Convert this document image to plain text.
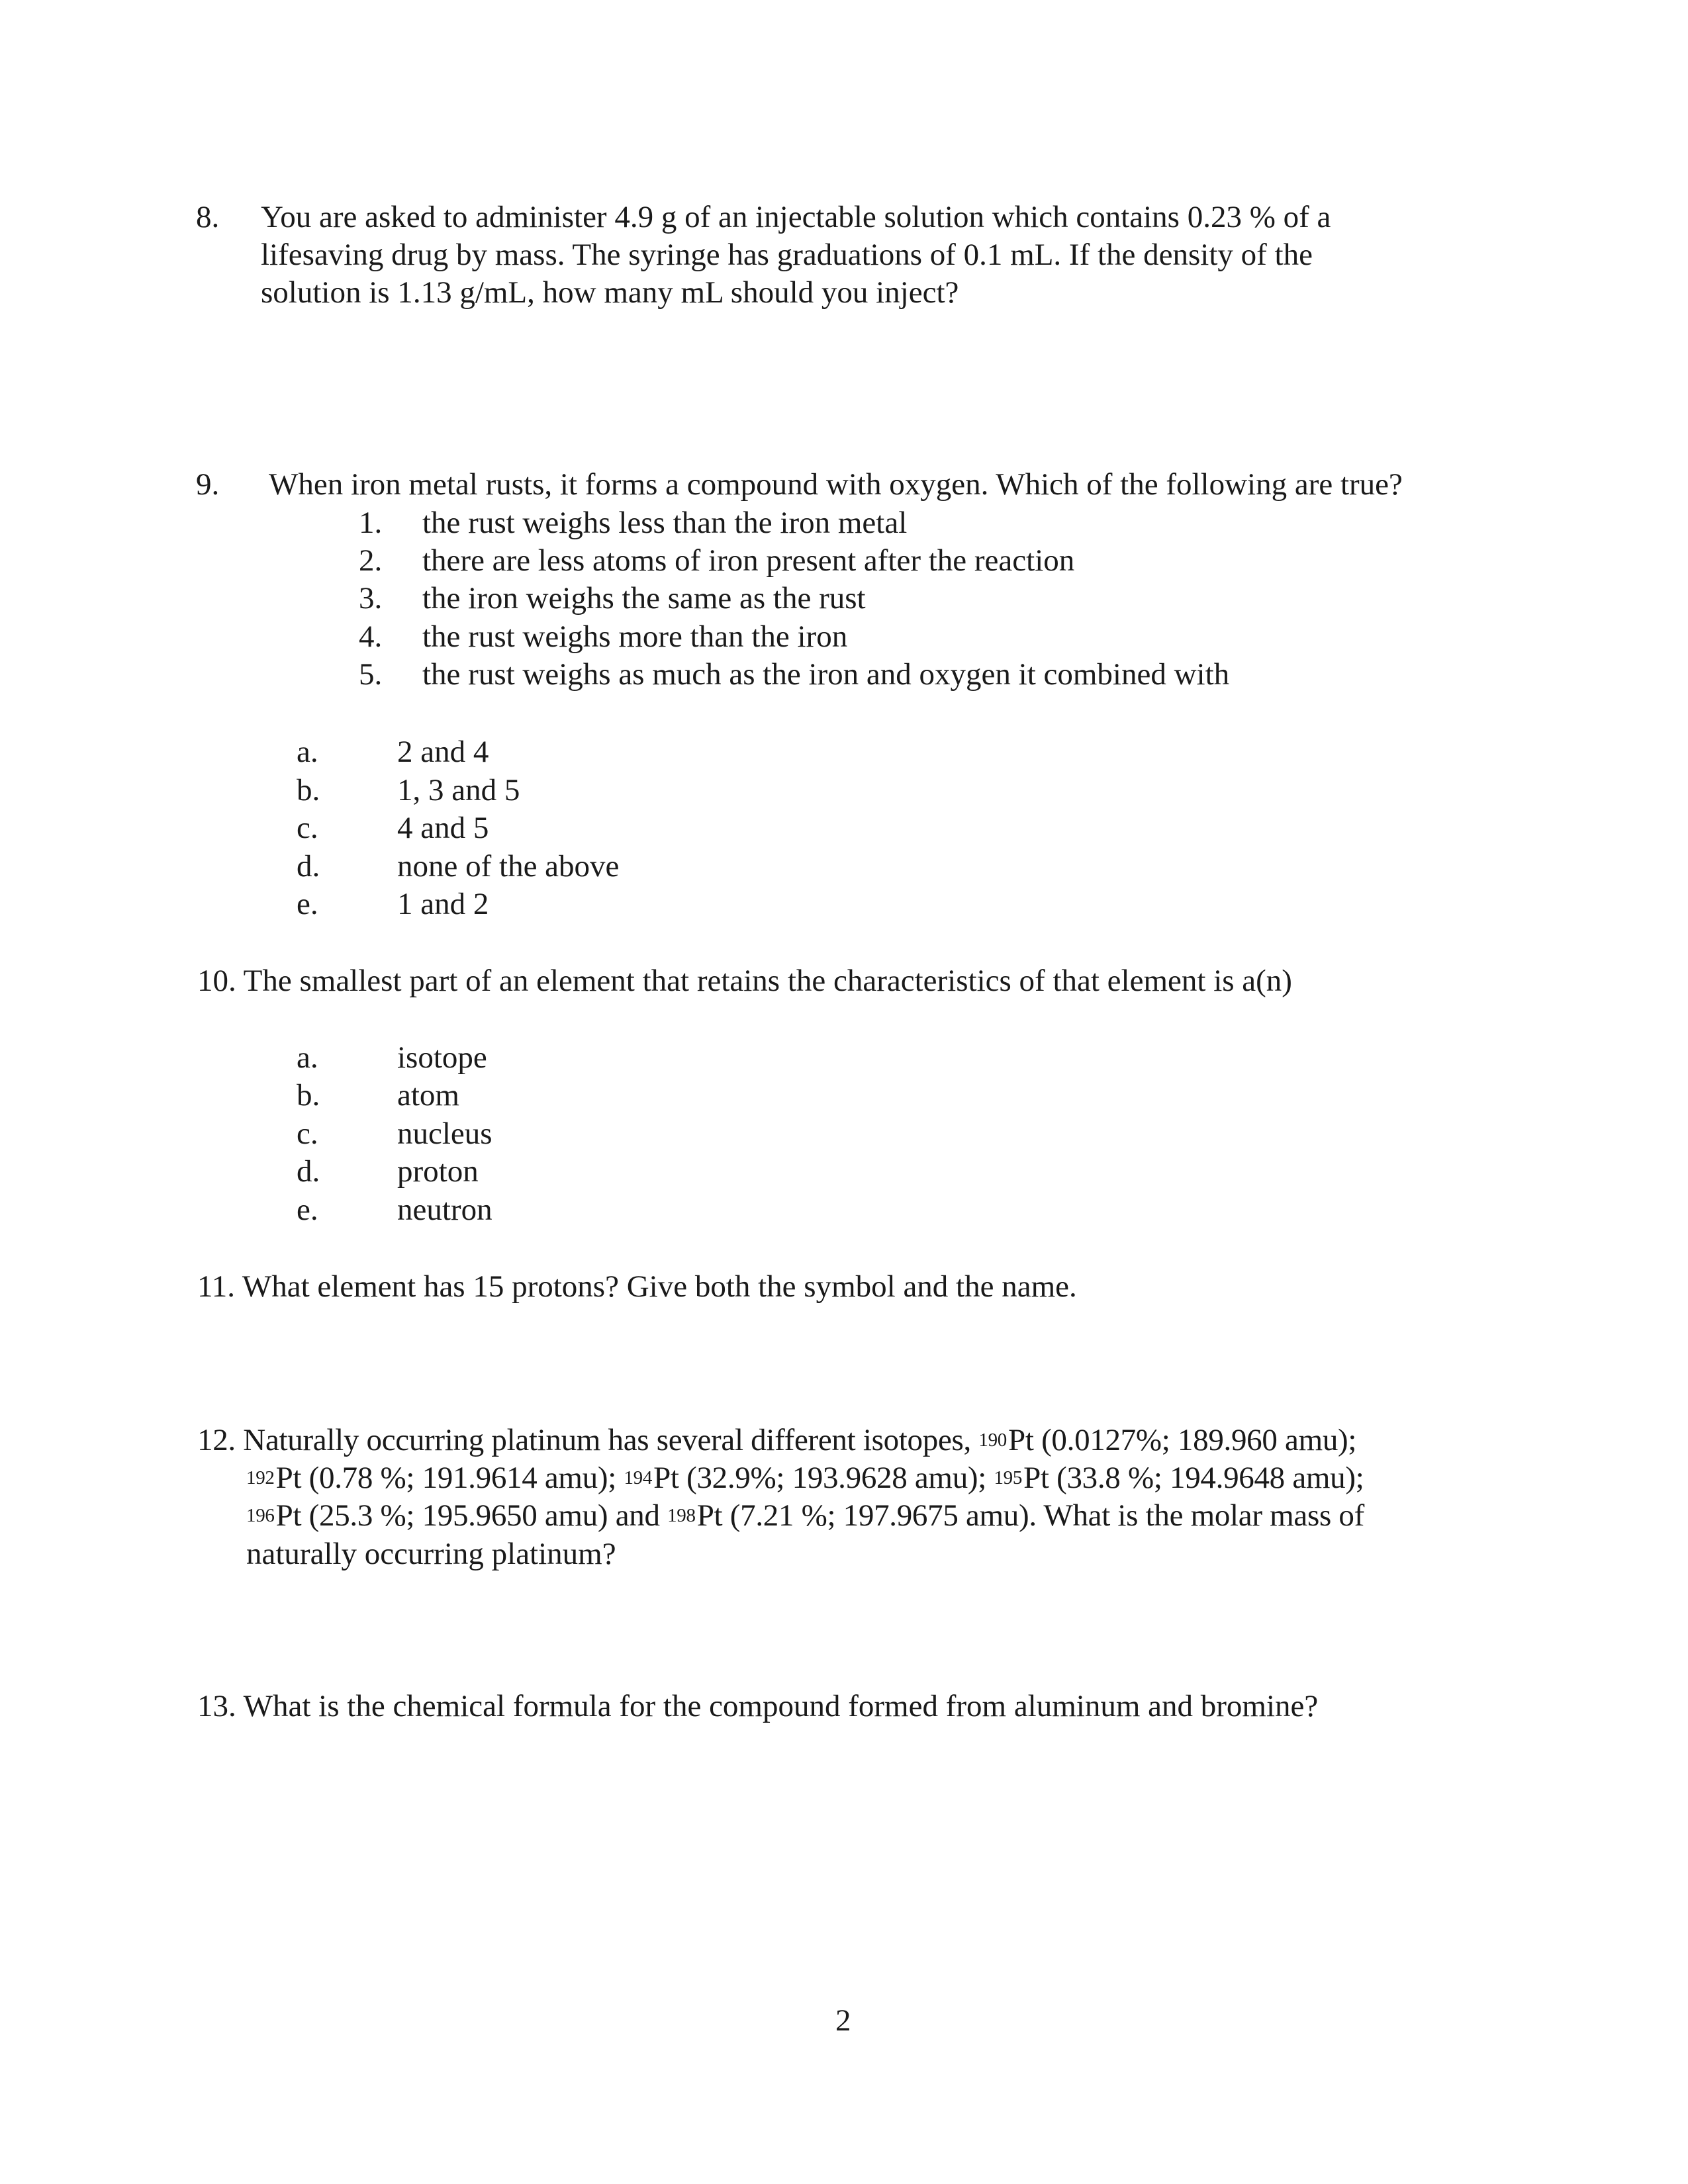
8. You are asked to administer 4.9 g of an injectable solution which contains 0.23 % of a
lifesaving drug by mass. The syringe has graduations of 0.1 mL. If the density of the
solution is 1.13 g/mL, how many mL should you inject?
9. When iron metal rusts, it forms a compound with oxygen. Which of the following are true?
1. the rust weighs less than the iron metal
2. there are less atoms of iron present after the reaction
3. the iron weighs the same as the rust
4. the rust weighs more than the iron
5. the rust weighs as much as the iron and oxygen it combined with
a.	2 and 4
b. 1, 3 and 5
c.	4 and 5
d. none of the above
e.	1 and 2
10. The smallest part of an element that retains the characteristics of that element is a(n)
a.	isotope
b. atom
c.	nucleus
d. proton
e.	neutron
11. What element has 15 protons? Give both the symbol and the name.
12. Naturally occurring platinum has several different isotopes, $^{190}$Pt (0.0127%; 189.960 amu);
$^{192}$Pt (0.78 %; 191.9614 amu); $^{194}$Pt (32.9%; 193.9628 amu); $^{195}$Pt (33.8 %; 194.9648 amu);
$^{196}$Pt (25.3 %; 195.9650 amu) and $^{198}$Pt (7.21 %; 197.9675 amu). What is the molar mass of
naturally occurring platinum?
13. What is the chemical formula for the compound formed from aluminum and bromine?
2
